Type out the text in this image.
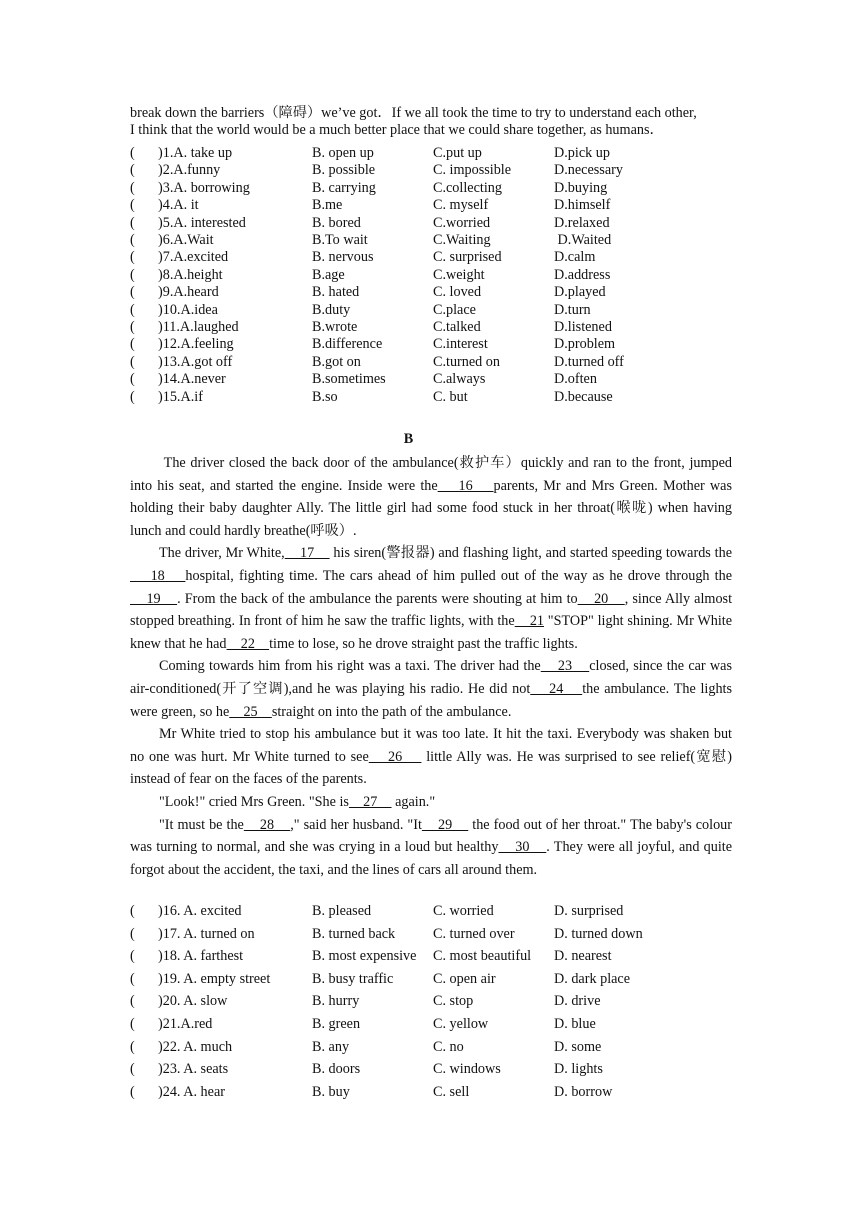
break down the barriers（障碍）we’ve got．If we all took the time to try to understand each other,

I think that the world would be a much better place that we could share together, as humans．

(	)1.A. take up	B. open up	C.put up	D.pick up
(	)2.A.funny	B. possible	C. impossible	D.necessary
(	)3.A. borrowing	B. carrying	C.collecting	D.buying
(	)4.A. it	B.me	C. myself	D.himself
(	)5.A. interested	B. bored	C.worried	D.relaxed
(	)6.A.Wait	B.To wait	C.Waiting	D.Waited
(	)7.A.excited	B. nervous	C. surprised	D.calm
(	)8.A.height	B.age	C.weight	D.address
(	)9.A.heard	B. hated	C. loved	D.played
(	)10.A.idea	B.duty	C.place	D.turn
(	)11.A.laughed	B.wrote	C.talked	D.listened
(	)12.A.feeling	B.difference	C.interest	D.problem
(	)13.A.got off	B.got on	C.turned on	D.turned off
(	)14.A.never	B.sometimes	C.always	D.often
(	)15.A.if	B.so	C. but	D.because
B

The driver closed the back door of the ambulance(救护车）quickly and ran to the front, jumped into his seat, and started the engine. Inside were the    16    parents, Mr and Mrs Green. Mother was holding their baby daughter Ally. The little girl had some food stuck in her throat(喉咙) when having lunch and could hardly breathe(呼吸）.

The driver, Mr White,    17     his siren(警报器) and flashing light, and started speeding towards the    18    hospital, fighting time. The cars ahead of him pulled out of the way as he drove through the    19    . From the back of the ambulance the parents were shouting at him to    20    , since Ally almost stopped breathing. In front of him he saw the traffic lights, with the    21 "STOP" light shining. Mr White knew that he had    22    time to lose, so he drove straight past the traffic lights.

Coming towards him from his right was a taxi. The driver had the    23    closed, since the car was air-conditioned(开了空调),and he was playing his radio. He did not    24    the ambulance. The lights were green, so he    25    straight on into the path of the ambulance.

Mr White tried to stop his ambulance but it was too late. It hit the taxi. Everybody was shaken but no one was hurt. Mr White turned to see    26     little Ally was. He was surprised to see relief(宽慰) instead of fear on the faces of the parents.

"Look!" cried Mrs Green. "She is    27     again."

"It must be the    28    ," said her husband. "It    29     the food out of her throat." The baby's colour was turning to normal, and she was crying in a loud but healthy    30    . They were all joyful, and quite forgot about the accident, the taxi, and the lines of cars all around them.

(	)16. A. excited	B. pleased	C. worried	D. surprised
(	)17. A. turned on	B. turned back	C. turned over	D. turned down
(	)18. A. farthest	B. most expensive	C. most beautiful	D. nearest
(	)19. A. empty street	B. busy traffic	C. open air	D. dark place
(	)20. A. slow	B. hurry	C. stop	D. drive
(	)21.A.red	B. green	C. yellow	D. blue
(	)22. A. much	B. any	C. no	D. some
(	)23. A. seats	B. doors	C. windows	D. lights
(	)24. A. hear	B. buy	C. sell	D. borrow
